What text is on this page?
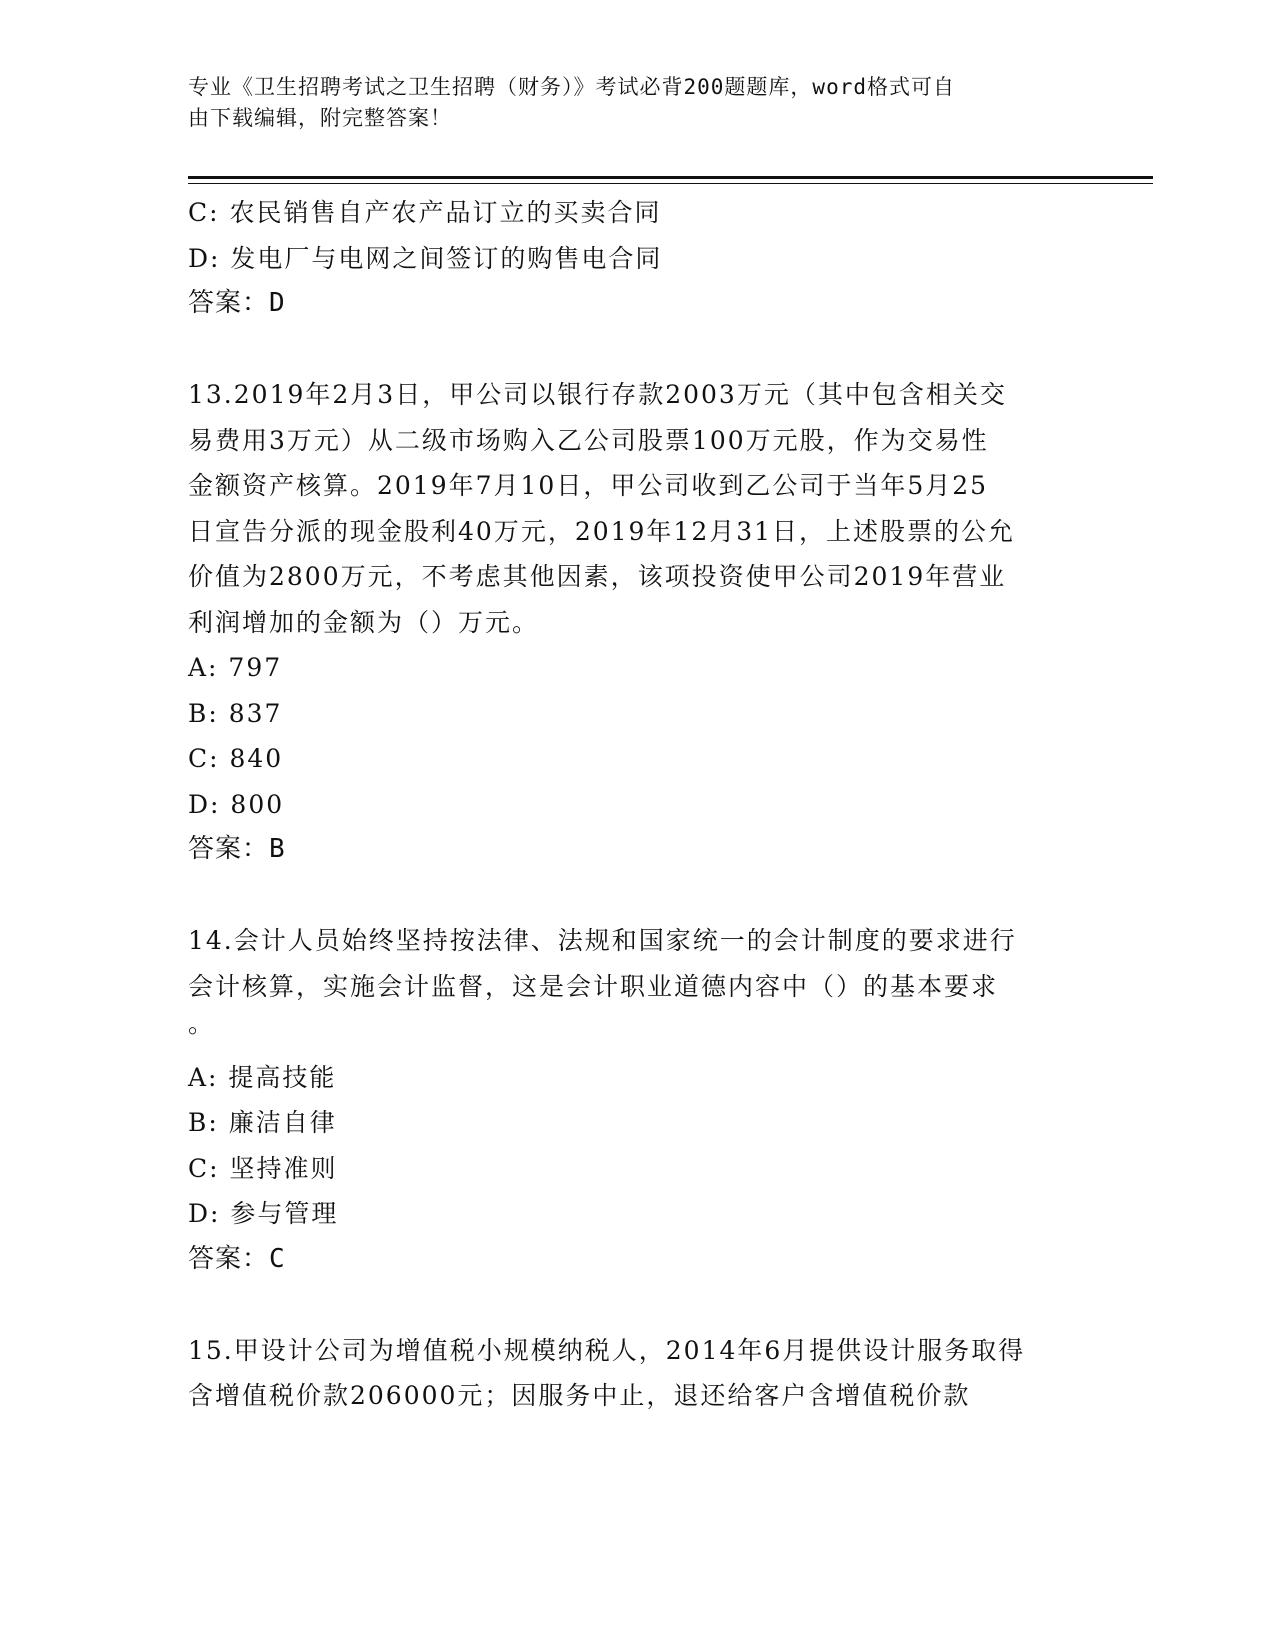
专业《卫生招聘考试之卫生招聘（财务）》考试必背200题题库，word格式可自
由下载编辑，附完整答案！
C: 农民销售自产农产品订立的买卖合同
D: 发电厂与电网之间签订的购售电合同
答案：D
13.2019年2月3日，甲公司以银行存款2003万元（其中包含相关交
易费用3万元）从二级市场购入乙公司股票100万元股，作为交易性
金额资产核算。2019年7月10日，甲公司收到乙公司于当年5月25
日宣告分派的现金股利40万元，2019年12月31日，上述股票的公允
价值为2800万元，不考虑其他因素，该项投资使甲公司2019年营业
利润增加的金额为（）万元。
A: 797
B: 837
C: 840
D: 800
答案：B
14.会计人员始终坚持按法律、法规和国家统一的会计制度的要求进行
会计核算，实施会计监督，这是会计职业道德内容中（）的基本要求
。
A: 提高技能
B: 廉洁自律
C: 坚持准则
D: 参与管理
答案：C
15.甲设计公司为增值税小规模纳税人，2014年6月提供设计服务取得
含增值税价款206000元；因服务中止，退还给客户含增值税价款
